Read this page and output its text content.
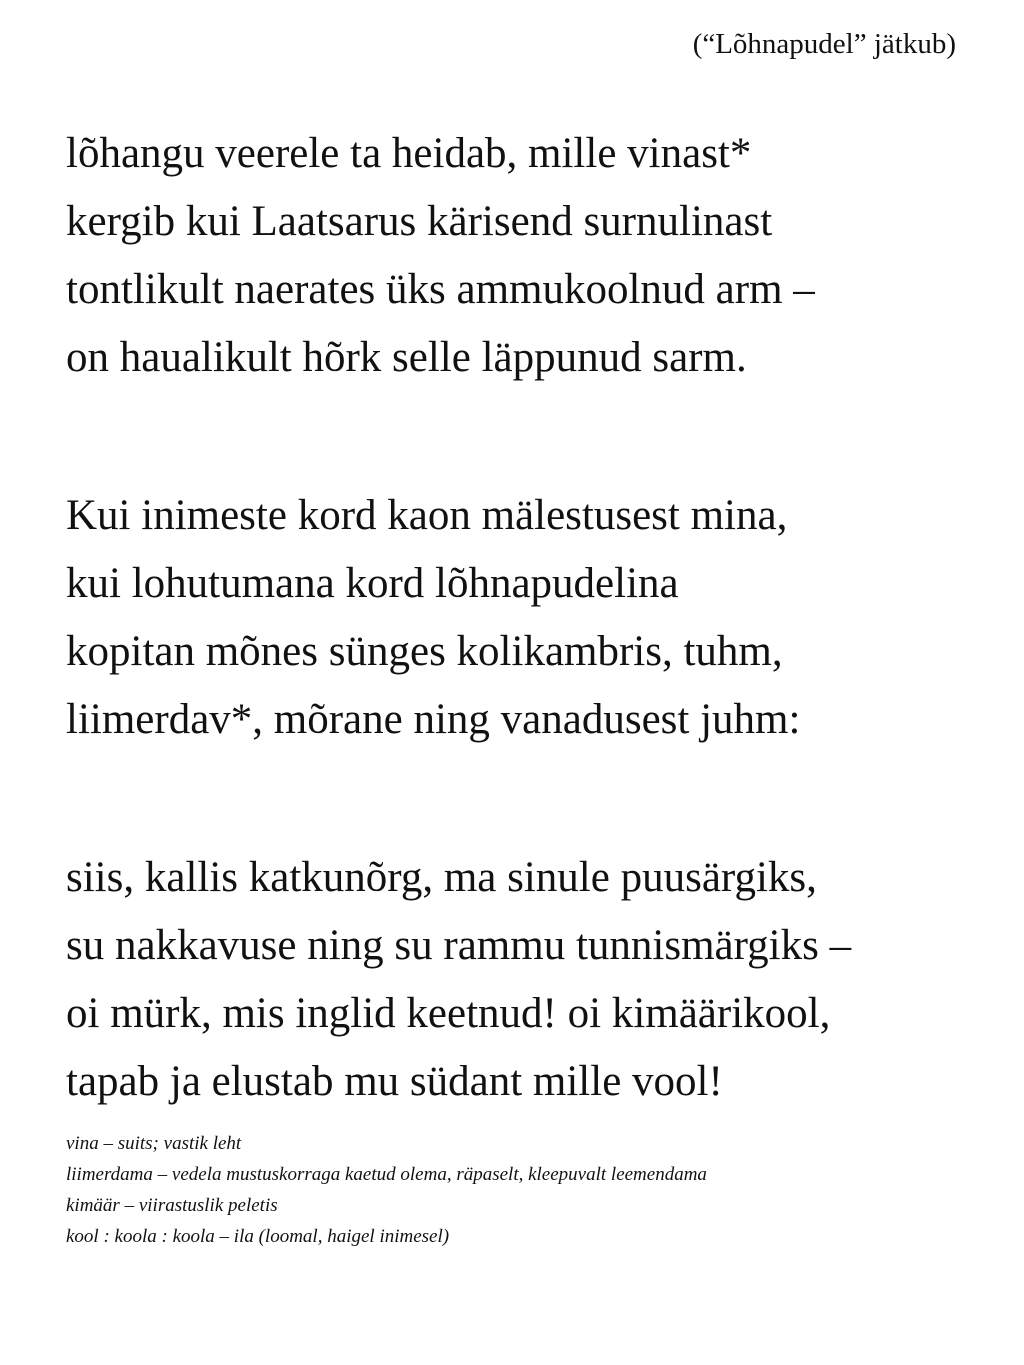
(“Lõhnapudel” jätkub)

lõhangu veerele ta heidab, mille vinast*
kergib kui Laatsarus kärisend surnulinast
tontlikult naerates üks ammukoolnud arm –
on haualikult hõrk selle läppunud sarm.
Kui inimeste kord kaon mälestusest mina,
kui lohutumana kord lõhnapudelina
kopitan mõnes sünges kolikambris, tuhm,
liimerdav*, mõrane ning vanadusest juhm:
siis, kallis katkunõrg, ma sinule puusärgiks,
su nakkavuse ning su rammu tunnismärgiks –
oi mürk, mis inglid keetnud! oi kimäärikool,
tapab ja elustab mu südant mille vool!
vina – suits; vastik leht
liimerdama – vedela mustuskorraga kaetud olema, räpaselt, kleepuvalt leemendama
kimäär – viirastuslik peletis
kool : koola : koola – ila (loomal, haigel inimesel)
